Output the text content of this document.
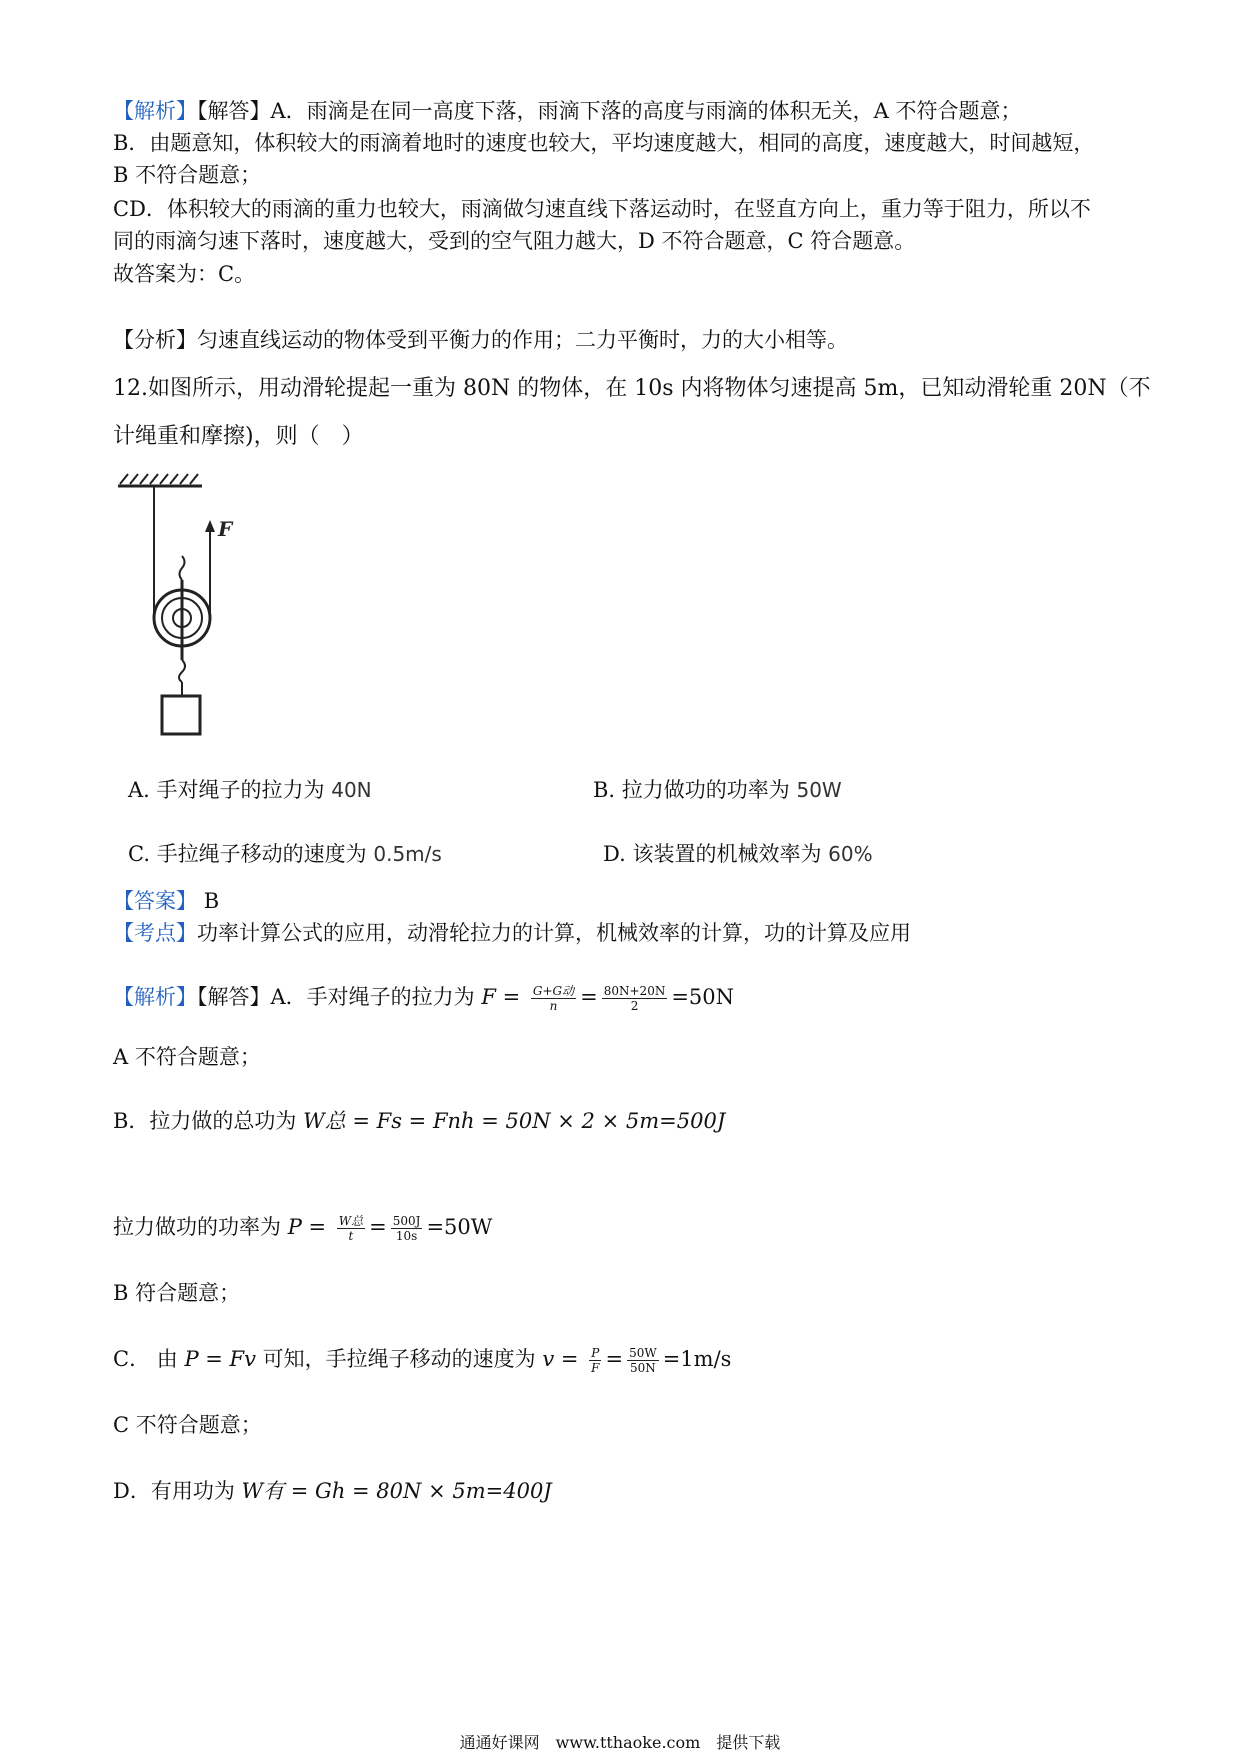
【解析】【解答】A．雨滴是在同一高度下落，雨滴下落的高度与雨滴的体积无关，A 不符合题意；
B．由题意知，体积较大的雨滴着地时的速度也较大，平均速度越大，相同的高度，速度越大，时间越短，
B 不符合题意；
CD．体积较大的雨滴的重力也较大，雨滴做匀速直线下落运动时，在竖直方向上，重力等于阻力，所以不
同的雨滴匀速下落时，速度越大，受到的空气阻力越大，D 不符合题意，C 符合题意。
故答案为：C。
【分析】匀速直线运动的物体受到平衡力的作用；二力平衡时，力的大小相等。
12.如图所示，用动滑轮提起一重为 80N 的物体，在 10s 内将物体匀速提高 5m，已知动滑轮重 20N（不
计绳重和摩擦)，则（　）
F
A. 手对绳子的拉力为 40N	B. 拉力做功的功率为 50W
C. 手拉绳子移动的速度为 0.5m/s	D. 该装置的机械效率为 60%
【答案】 B
【考点】功率计算公式的应用，动滑轮拉力的计算，机械效率的计算，功的计算及应用
【解析】【解答】A．手对绳子的拉力为 $F = \frac{\text{G+G动}}{n} = \frac{80N+20N}{2} =50N$
A 不符合题意；
B．拉力做的总功为 W总 = Fs = Fnh = 50N × 2 × 5m=500J
拉力做功的功率为 $P = \frac{\text{W总}}{t} = \frac{500J}{10s} =50W$
B 符合题意；
C． 由 P = Fv 可知，手拉绳子移动的速度为 $v = \frac{P}{F} = \frac{50W}{50N} =1m/s$
C 不符合题意；
D．有用功为 W有 = Gh = 80N × 5m=400J
通通好课网　www.tthaoke.com　提供下载
